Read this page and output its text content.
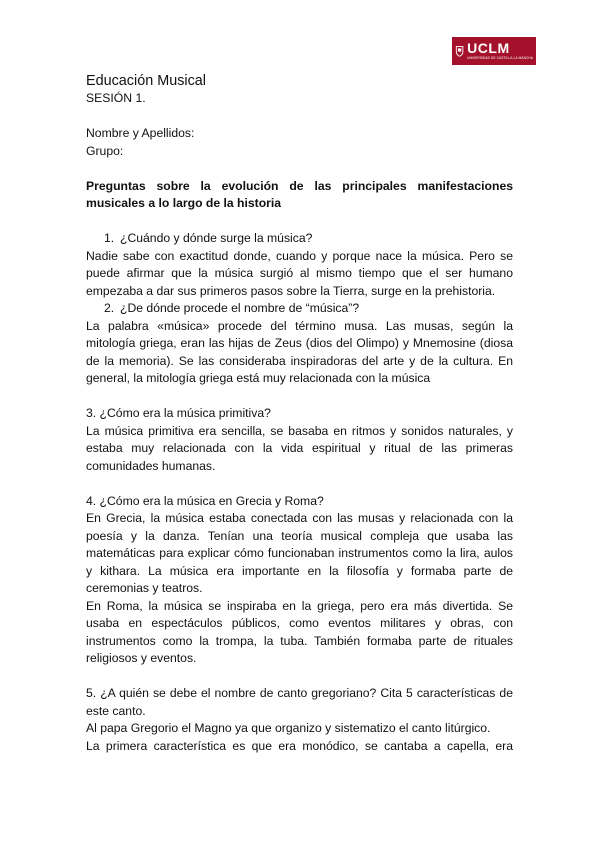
UCLM
UNIVERSIDAD DE CASTILLA-LA MANCHA

Educación Musical

SESIÓN 1.

Nombre y Apellidos:

Grupo:

Preguntas sobre la evolución de las principales manifestaciones musicales a lo largo de la historia

1. ¿Cuándo y dónde surge la música?

Nadie sabe con exactitud donde, cuando y porque nace la música. Pero se puede afirmar que la música surgió al mismo tiempo que el ser humano empezaba a dar sus primeros pasos sobre la Tierra, surge en la prehistoria.

2. ¿De dónde procede el nombre de “música”?

La palabra «música» procede del término musa. Las musas, según la mitología griega, eran las hijas de Zeus (dios del Olimpo) y Mnemosine (diosa de la memoria). Se las consideraba inspiradoras del arte y de la cultura. En general, la mitología griega está muy relacionada con la música

3. ¿Cómo era la música primitiva?

La música primitiva era sencilla, se basaba en ritmos y sonidos naturales, y estaba muy relacionada con la vida espiritual y ritual de las primeras comunidades humanas.

4. ¿Cómo era la música en Grecia y Roma?

En Grecia, la música estaba conectada con las musas y relacionada con la poesía y la danza. Tenían una teoría musical compleja que usaba las matemáticas para explicar cómo funcionaban instrumentos como la lira, aulos y kithara. La música era importante en la filosofía y formaba parte de ceremonias y teatros.

En Roma, la música se inspiraba en la griega, pero era más divertida. Se usaba en espectáculos públicos, como eventos militares y obras, con instrumentos como la trompa, la tuba. También formaba parte de rituales religiosos y eventos.

5. ¿A quién se debe el nombre de canto gregoriano? Cita 5 características de este canto.

Al papa Gregorio el Magno ya que organizo y sistematizo el canto litúrgico.

La primera característica es que era monódico, se cantaba a capella, era
